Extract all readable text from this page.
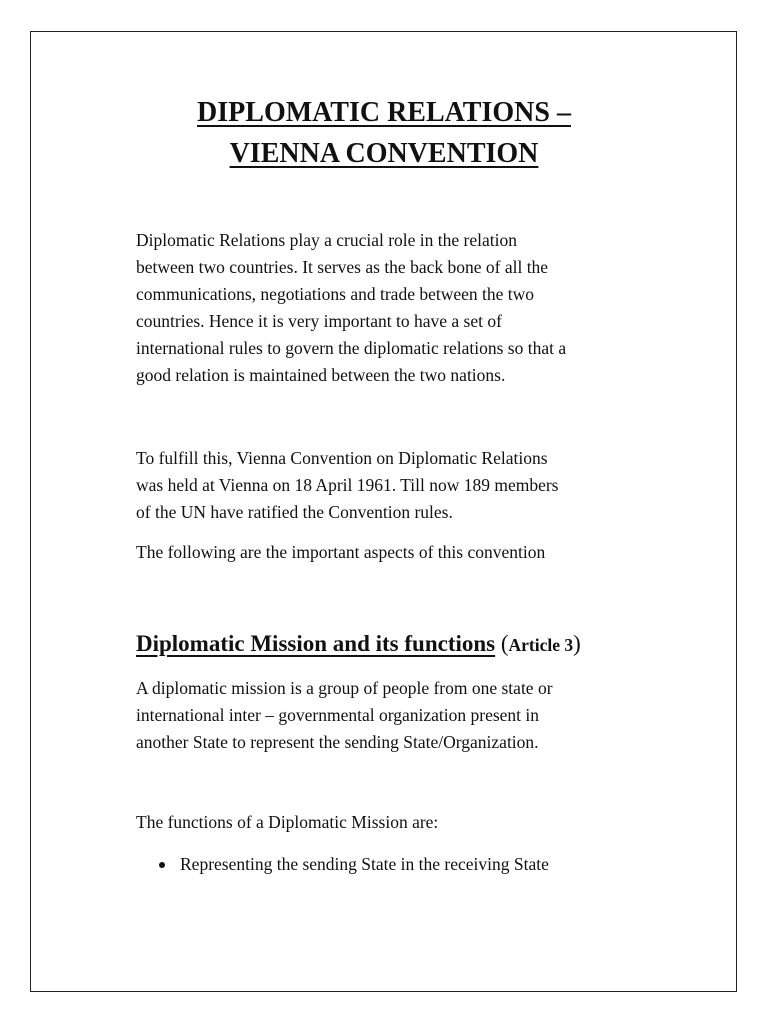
DIPLOMATIC RELATIONS –
VIENNA CONVENTION

Diplomatic Relations play a crucial role in the relation
between two countries. It serves as the back bone of all the
communications, negotiations and trade between the two
countries. Hence it is very important to have a set of
international rules to govern the diplomatic relations so that a
good relation is maintained between the two nations.

To fulfill this, Vienna Convention on Diplomatic Relations
was held at Vienna on 18 April 1961. Till now 189 members
of the UN have ratified the Convention rules.

The following are the important aspects of this convention

Diplomatic Mission and its functions (Article 3)

A diplomatic mission is a group of people from one state or
international inter – governmental organization present in
another State to represent the sending State/Organization.

The functions of a Diplomatic Mission are:

Representing the sending State in the receiving State
